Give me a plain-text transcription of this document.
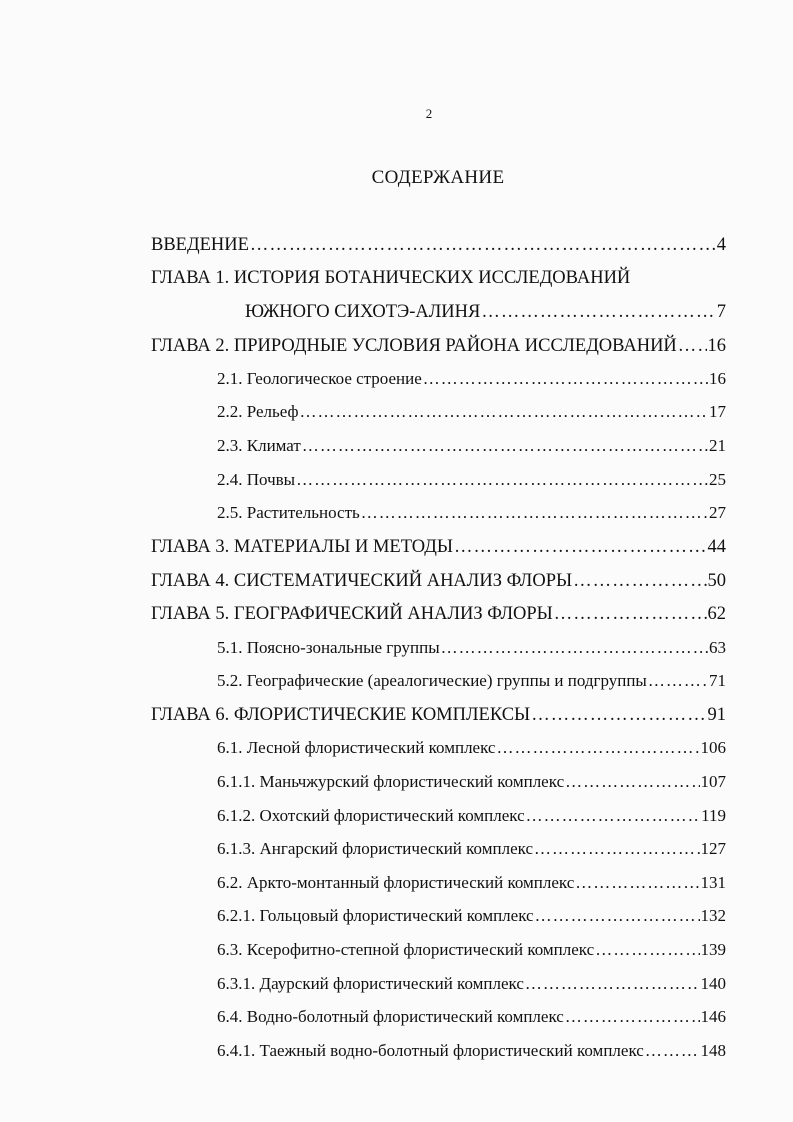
2
СОДЕРЖАНИЕ
ВВЕДЕНИЕ ……………………………………………………………………………………………………………………………………………	4
ГЛАВА 1. ИСТОРИЯ БОТАНИЧЕСКИХ ИССЛЕДОВАНИЙ
ЮЖНОГО СИХОТЭ-АЛИНЯ ……………………………………………………………………………………………………………………………………………	7
ГЛАВА 2. ПРИРОДНЫЕ УСЛОВИЯ РАЙОНА ИССЛЕДОВАНИЙ …………………………………………………………………………………………………………………………………………… 16
2.1. Геологическое строение ……………………………………………………………………………………………………………………………………………	16
2.2. Рельеф ……………………………………………………………………………………………………………………………………………	17
2.3. Климат ……………………………………………………………………………………………………………………………………………	21
2.4. Почвы ……………………………………………………………………………………………………………………………………………	25
2.5. Растительность ……………………………………………………………………………………………………………………………………………	27
ГЛАВА 3. МАТЕРИАЛЫ И МЕТОДЫ ……………………………………………………………………………………………………………………………………………	44
ГЛАВА 4. СИСТЕМАТИЧЕСКИЙ АНАЛИЗ ФЛОРЫ ……………………………………………………………………………………………………………………………………………	50
ГЛАВА 5. ГЕОГРАФИЧЕСКИЙ АНАЛИЗ ФЛОРЫ ……………………………………………………………………………………………………………………………………………	62
5.1. Поясно-зональные группы ……………………………………………………………………………………………………………………………………………	63
5.2. Географические (ареалогические) группы и подгруппы ……………………………………………………………………………………………………………………………………………	71
ГЛАВА 6. ФЛОРИСТИЧЕСКИЕ КОМПЛЕКСЫ ……………………………………………………………………………………………………………………………………………	91
6.1. Лесной флористический комплекс ……………………………………………………………………………………………………………………………………………	106
6.1.1. Маньчжурский флористический комплекс ……………………………………………………………………………………………………………………………………………	107
6.1.2. Охотский флористический комплекс ……………………………………………………………………………………………………………………………………………	119
6.1.3. Ангарский флористический комплекс ……………………………………………………………………………………………………………………………………………	127
6.2. Аркто-монтанный флористический комплекс ……………………………………………………………………………………………………………………………………………	131
6.2.1. Гольцовый флористический комплекс ……………………………………………………………………………………………………………………………………………	132
6.3. Ксерофитно-степной флористический комплекс ……………………………………………………………………………………………………………………………………………	139
6.3.1. Даурский флористический комплекс ……………………………………………………………………………………………………………………………………………	140
6.4. Водно-болотный флористический комплекс ……………………………………………………………………………………………………………………………………………	146
6.4.1. Таежный водно-болотный флористический комплекс ……………………………………………………………………………………………………………………………………………	148
